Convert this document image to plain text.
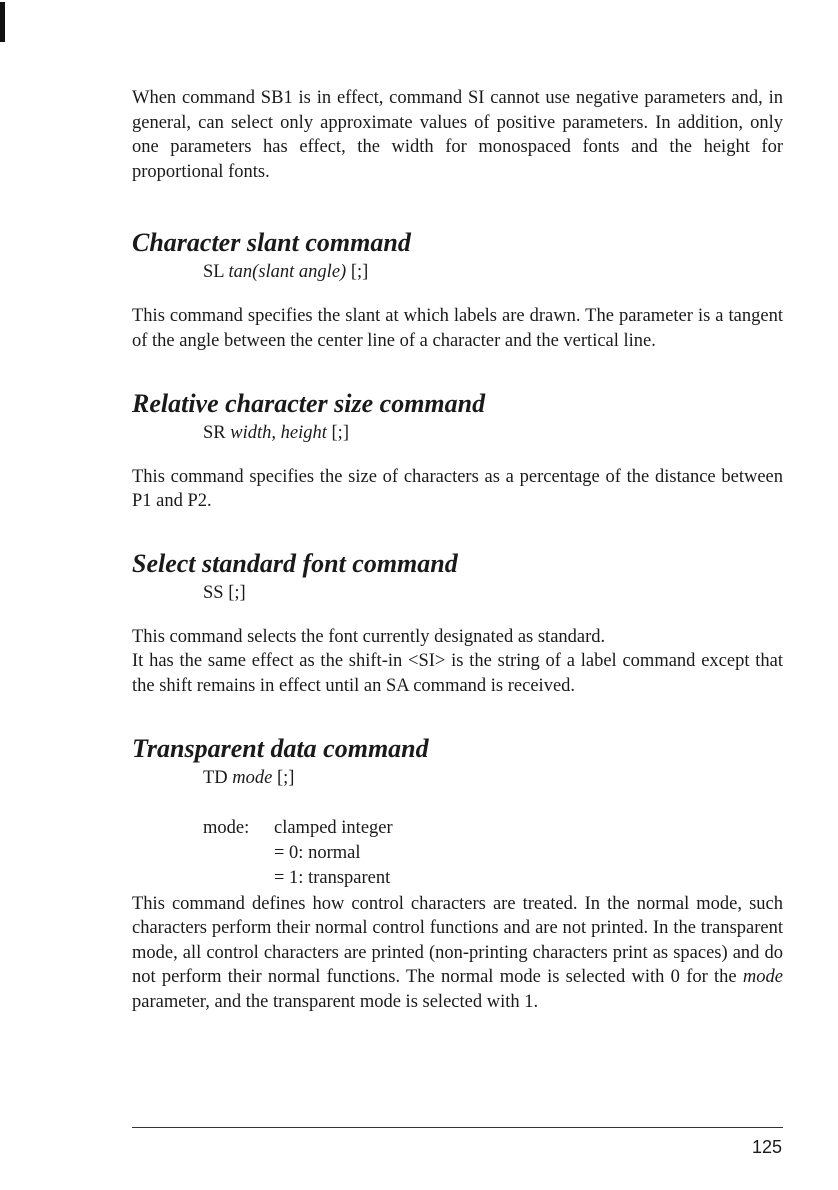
When command SB1 is in effect, command SI cannot use negative parameters and, in general, can select only approximate values of positive parameters. In addition, only one parameters has effect, the width for monospaced fonts and the height for proportional fonts.

Character slant command
SL tan(slant angle) [;]

This command specifies the slant at which labels are drawn. The parameter is a tangent of the angle between the center line of a character and the vertical line.

Relative character size command
SR width, height [;]

This command specifies the size of characters as a percentage of the distance between P1 and P2.

Select standard font command
SS [;]

This command selects the font currently designated as standard.

It has the same effect as the shift-in <SI> is the string of a label command except that the shift remains in effect until an SA command is received.

Transparent data command
TD mode [;]
mode:	clamped integer
= 0: normal
= 1: transparent

This command defines how control characters are treated. In the normal mode, such characters perform their normal control functions and are not printed. In the transparent mode, all control characters are printed (non-printing characters print as spaces) and do not perform their normal functions. The normal mode is selected with 0 for the mode parameter, and the transparent mode is selected with 1.

125
